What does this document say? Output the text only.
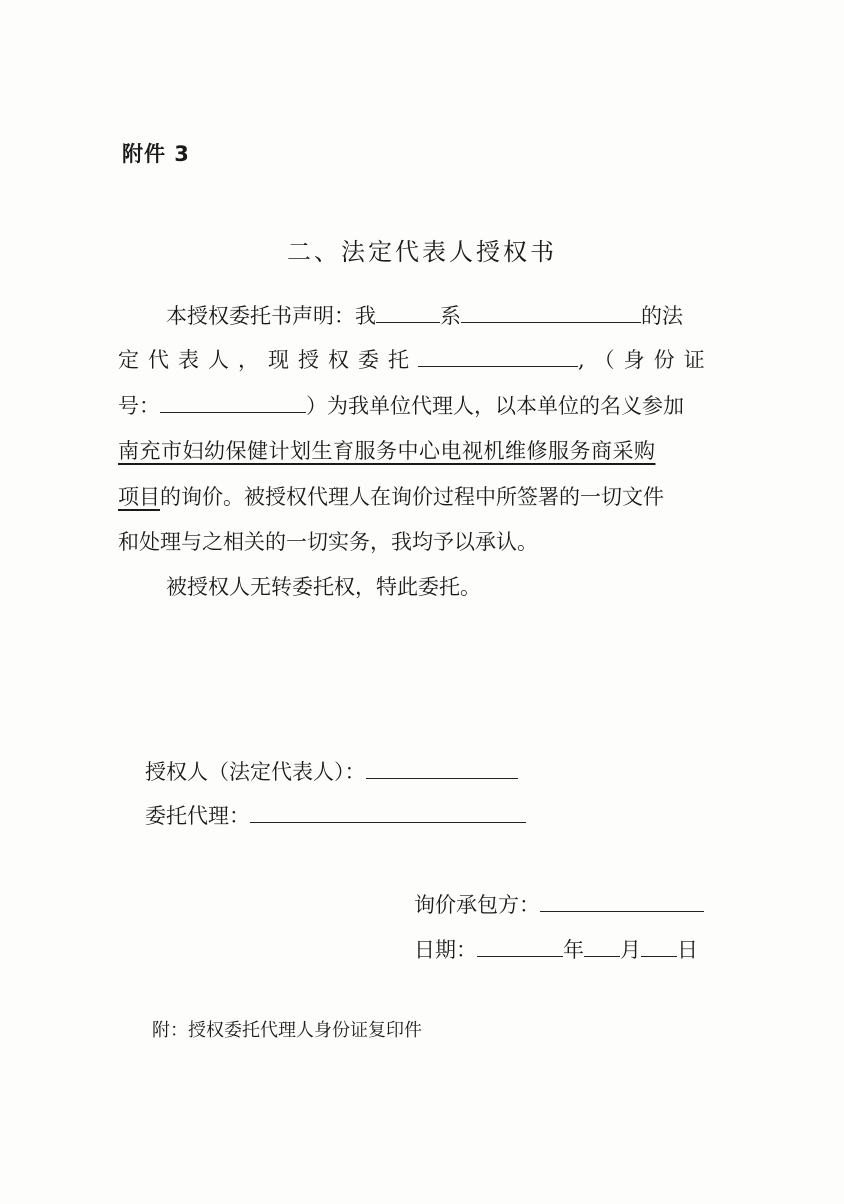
附件 3
二、法定代表人授权书
本授权委托书声明：我	系	的法
定代表人，现授权委托	,（身份证
号：	）为我单位代理人，以本单位的名义参加
南充市妇幼保健计划生育服务中心电视机维修服务商采购
项目的询价。被授权代理人在询价过程中所签署的一切文件
和处理与之相关的一切实务，我均予以承认。
被授权人无转委托权，特此委托。
授权人（法定代表人）：
委托代理：
询价承包方：
日期：	年 月 日
附：授权委托代理人身份证复印件
